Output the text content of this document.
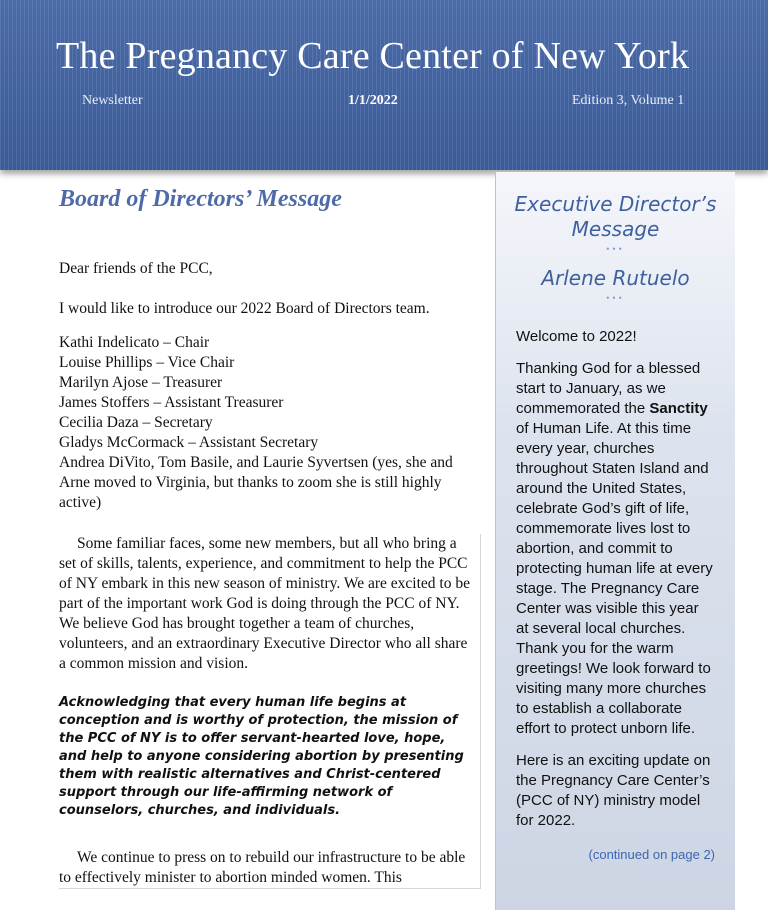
The Pregnancy Care Center of New York
Newsletter	1/1/2022	Edition 3, Volume 1
Board of Directors’ Message
Dear friends of the PCC,
I would like to introduce our 2022 Board of Directors team.
Kathi Indelicato – Chair
Louise Phillips – Vice Chair
Marilyn Ajose – Treasurer
James Stoffers – Assistant Treasurer
Cecilia Daza – Secretary
Gladys McCormack – Assistant Secretary
Andrea DiVito, Tom Basile, and Laurie Syvertsen (yes, she and Arne moved to Virginia, but thanks to zoom she is still highly active)

Some familiar faces, some new members, but all who bring a set of skills, talents, experience, and commitment to help the PCC of NY embark in this new season of ministry. We are excited to be part of the important work God is doing through the PCC of NY. We believe God has brought together a team of churches, volunteers, and an extraordinary Executive Director who all share a common mission and vision.

Acknowledging that every human life begins at conception and is worthy of protection, the mission of the PCC of NY is to offer servant-hearted love, hope, and help to anyone considering abortion by presenting them with realistic alternatives and Christ-centered support through our life-affirming network of counselors, churches, and individuals.

We continue to press on to rebuild our infrastructure to be able to effectively minister to abortion minded women. This

Executive Director’s Message
•••
Arlene Rutuelo
•••

Welcome to 2022!

Thanking God for a blessed start to January, as we commemorated the Sanctity of Human Life. At this time every year, churches throughout Staten Island and around the United States, celebrate God’s gift of life, commemorate lives lost to abortion, and commit to protecting human life at every stage. The Pregnancy Care Center was visible this year at several local churches. Thank you for the warm greetings! We look forward to visiting many more churches to establish a collaborate effort to protect unborn life.

Here is an exciting update on the Pregnancy Care Center’s (PCC of NY) ministry model for 2022.

(continued on page 2)
